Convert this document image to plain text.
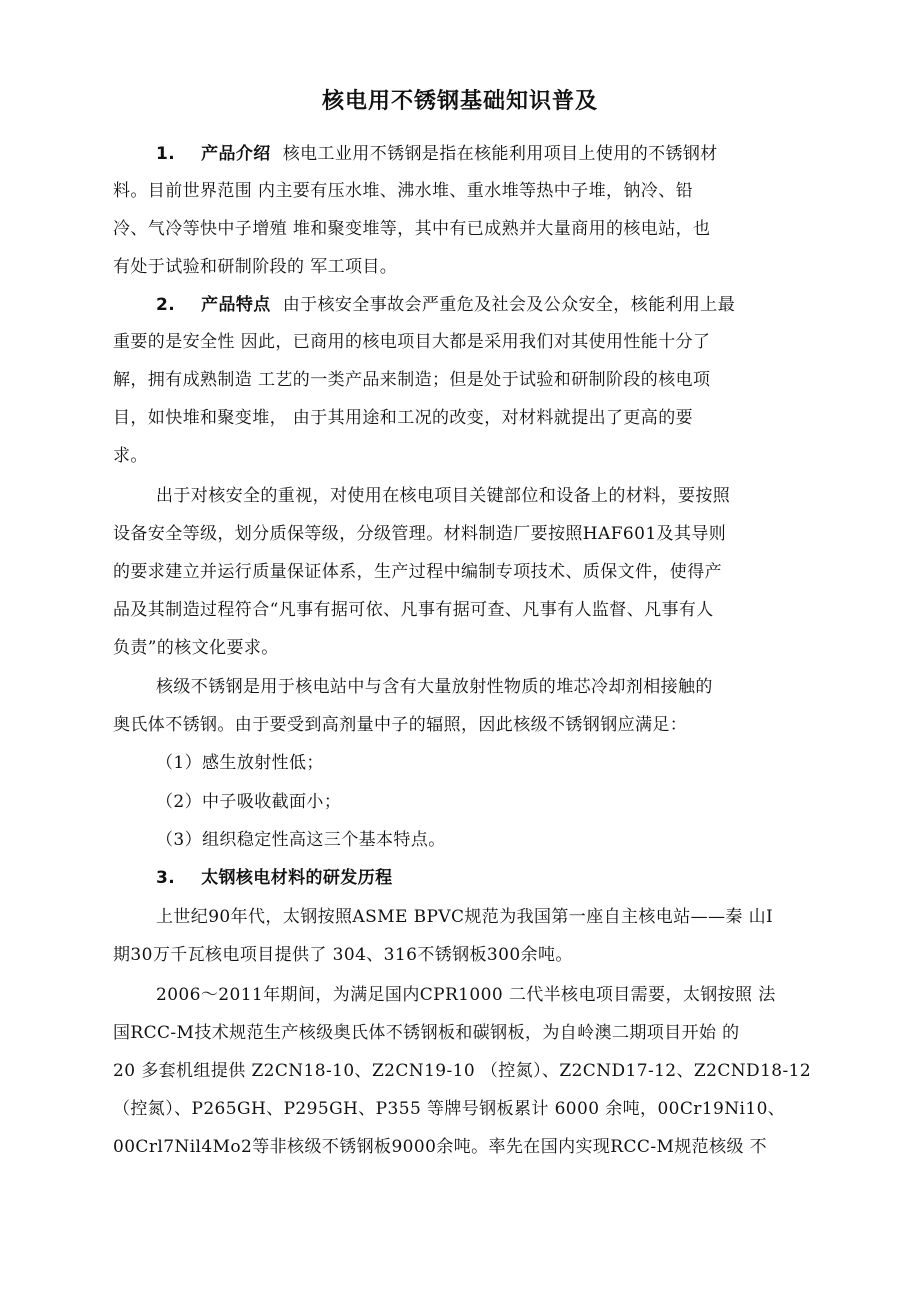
核电用不锈钢基础知识普及
1. 产品介绍 核电工业用不锈钢是指在核能利用项目上使用的不锈钢材
料。目前世界范围 内主要有压水堆、沸水堆、重水堆等热中子堆，钠冷、铅
冷、气冷等快中子增殖 堆和聚变堆等，其中有已成熟并大量商用的核电站，也
有处于试验和研制阶段的 军工项目。
2. 产品特点 由于核安全事故会严重危及社会及公众安全，核能利用上最
重要的是安全性 因此，已商用的核电项目大都是采用我们对其使用性能十分了
解，拥有成熟制造 工艺的一类产品来制造；但是处于试验和研制阶段的核电项
目，如快堆和聚变堆， 由于其用途和工况的改变，对材料就提出了更高的要
求。
出于对核安全的重视，对使用在核电项目关键部位和设备上的材料，要按照
设备安全等级，划分质保等级，分级管理。材料制造厂要按照HAF601及其导则
的要求建立并运行质量保证体系，生产过程中编制专项技术、质保文件，使得产
品及其制造过程符合“凡事有据可依、凡事有据可查、凡事有人监督、凡事有人
负责”的核文化要求。
核级不锈钢是用于核电站中与含有大量放射性物质的堆芯冷却剂相接触的
奥氏体不锈钢。由于要受到高剂量中子的辐照，因此核级不锈钢钢应满足：
（1）感生放射性低；
（2）中子吸收截面小；
（3）组织稳定性高这三个基本特点。
3. 太钢核电材料的研发历程
上世纪90年代，太钢按照ASME BPVC规范为我国第一座自主核电站——秦 山I
期30万千瓦核电项目提供了 304、316不锈钢板300余吨。
2006〜2011年期间，为满足国内CPR1000 二代半核电项目需要，太钢按照 法
国RCC-M技术规范生产核级奥氏体不锈钢板和碳钢板，为自岭澳二期项目开始 的
20 多套机组提供 Z2CN18-10、Z2CN19-10 （控氮）、Z2CND17-12、Z2CND18-12
（控氮）、P265GH、P295GH、P355 等牌号钢板累计 6000 余吨，00Cr19Ni10、
00Crl7Nil4Mo2等非核级不锈钢板9000余吨。率先在国内实现RCC-M规范核级 不
